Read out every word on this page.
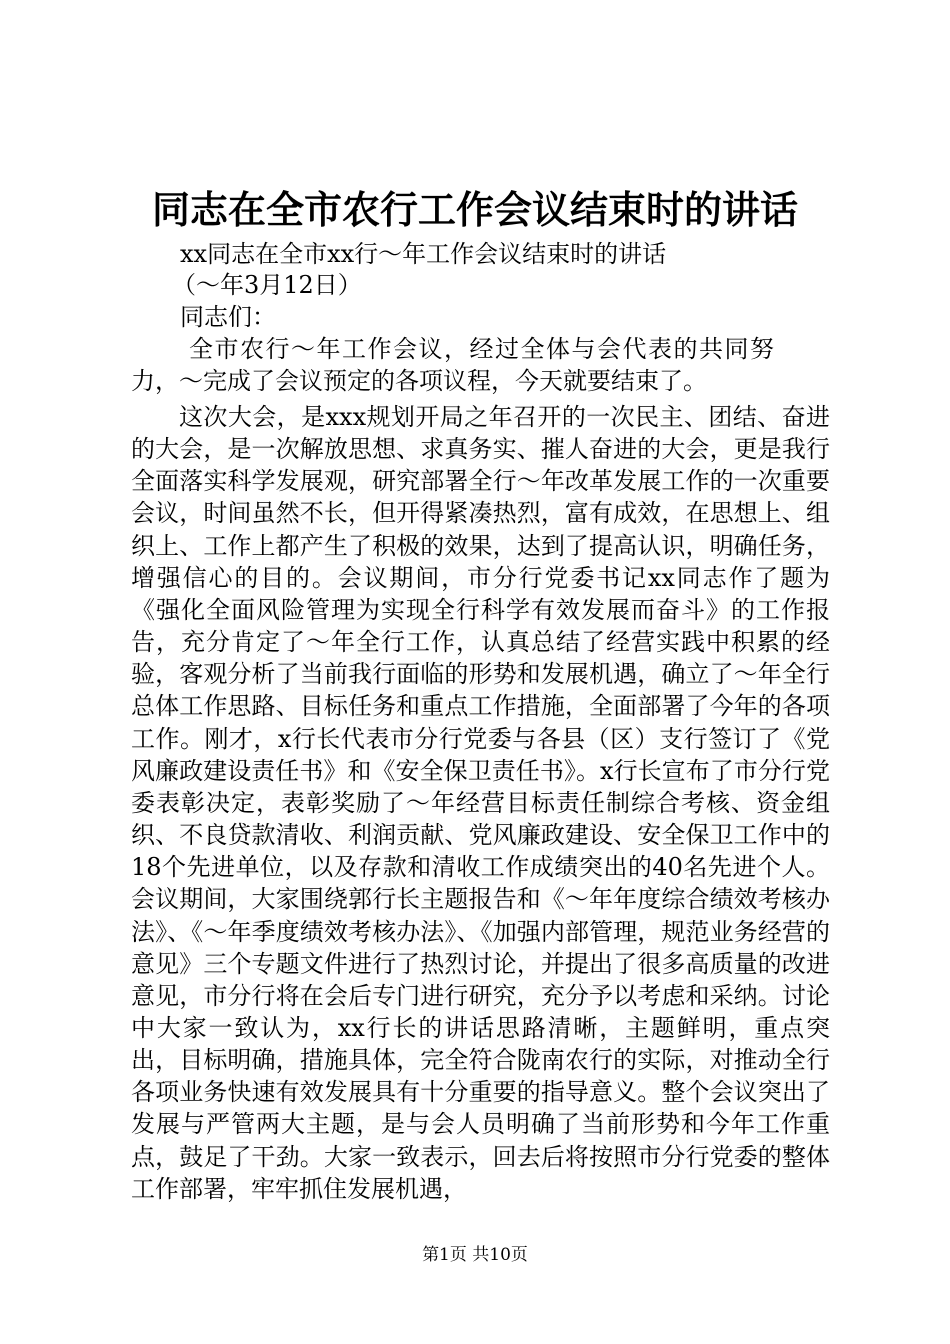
同志在全市农行工作会议结束时的讲话

xx同志在全市xx行～年工作会议结束时的讲话

（～年3月12日）

同志们：

全市农行～年工作会议，经过全体与会代表的共同努

力，～完成了会议预定的各项议程，今天就要结束了。

这次大会，是xxx规划开局之年召开的一次民主、团结、奋进的大会，是一次解放思想、求真务实、摧人奋进的大会，更是我行全面落实科学发展观，研究部署全行～年改革发展工作的一次重要会议，时间虽然不长，但开得紧凑热烈，富有成效，在思想上、组织上、工作上都产生了积极的效果，达到了提高认识，明确任务，增强信心的目的。会议期间，市分行党委书记xx同志作了题为《强化全面风险管理为实现全行科学有效发展而奋斗》的工作报告，充分肯定了～年全行工作，认真总结了经营实践中积累的经验，客观分析了当前我行面临的形势和发展机遇，确立了～年全行总体工作思路、目标任务和重点工作措施，全面部署了今年的各项工作。刚才，x行长代表市分行党委与各县（区）支行签订了《党风廉政建设责任书》和《安全保卫责任书》。x行长宣布了市分行党委表彰决定，表彰奖励了～年经营目标责任制综合考核、资金组织、不良贷款清收、利润贡献、党风廉政建设、安全保卫工作中的18个先进单位，以及存款和清收工作成绩突出的40名先进个人。会议期间，大家围绕郭行长主题报告和《～年年度综合绩效考核办法》、《～年季度绩效考核办法》、《加强内部管理，规范业务经营的意见》三个专题文件进行了热烈讨论，并提出了很多高质量的改进意见，市分行将在会后专门进行研究，充分予以考虑和采纳。讨论中大家一致认为，xx行长的讲话思路清晰，主题鲜明，重点突出，目标明确，措施具体，完全符合陇南农行的实际，对推动全行各项业务快速有效发展具有十分重要的指导意义。整个会议突出了发展与严管两大主题，是与会人员明确了当前形势和今年工作重点，鼓足了干劲。大家一致表示，回去后将按照市分行党委的整体工作部署，牢牢抓住发展机遇，

第1页 共10页
